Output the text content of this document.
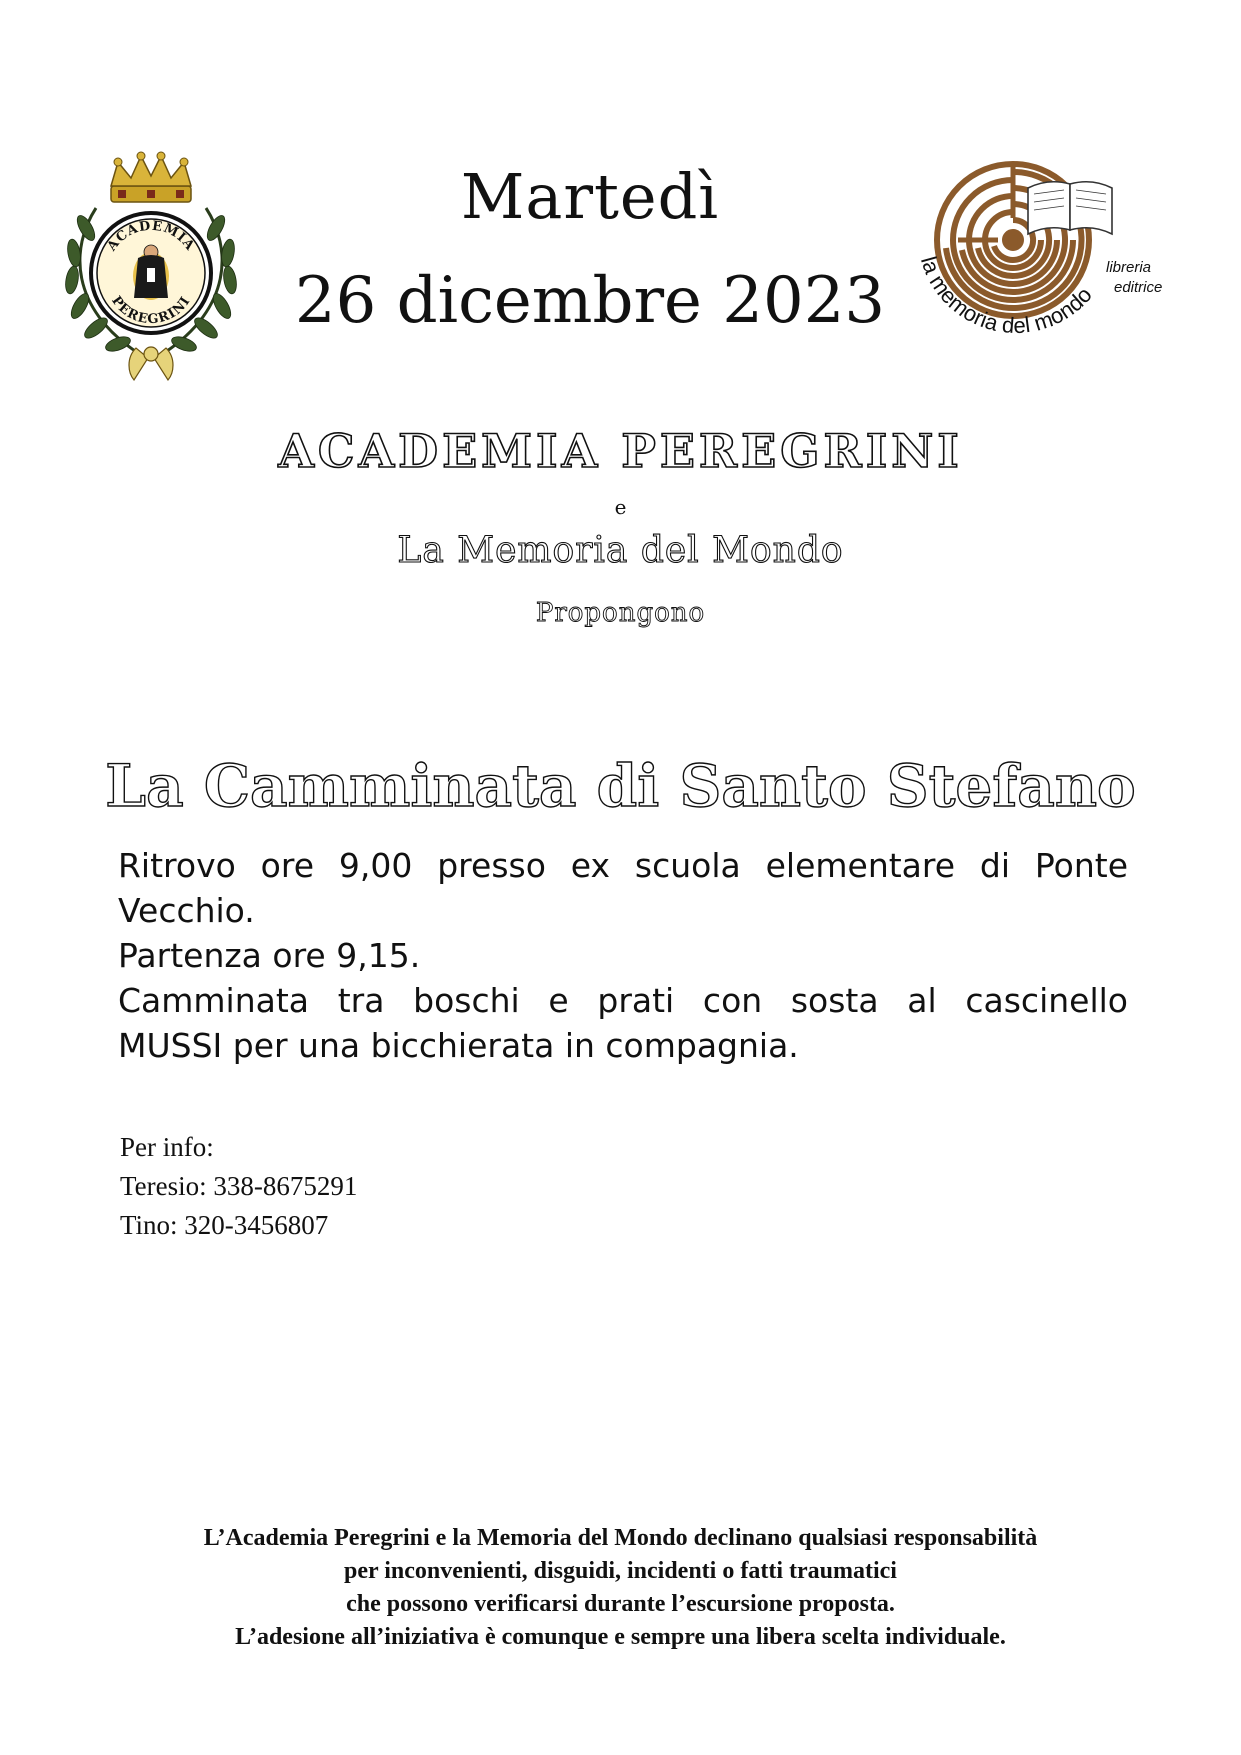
ACADEMIA
PEREGRINI
la memoria del mondo
libreria
editrice
Martedì
26 dicembre 2023
ACADEMIA PEREGRINI
e
La Memoria del Mondo
Propongono
La Camminata di Santo Stefano
Ritrovo ore 9,00 presso ex scuola elementare di Ponte
Vecchio.
Partenza ore 9,15.
Camminata tra boschi e prati con sosta al cascinello
MUSSI per una bicchierata in compagnia.
Per info:
Teresio: 338-8675291
Tino: 320-3456807
L’Academia Peregrini e la Memoria del Mondo declinano qualsiasi responsabilità
per inconvenienti, disguidi, incidenti o fatti traumatici
che possono verificarsi durante l’escursione proposta.
L’adesione all’iniziativa è comunque e sempre una libera scelta individuale.
